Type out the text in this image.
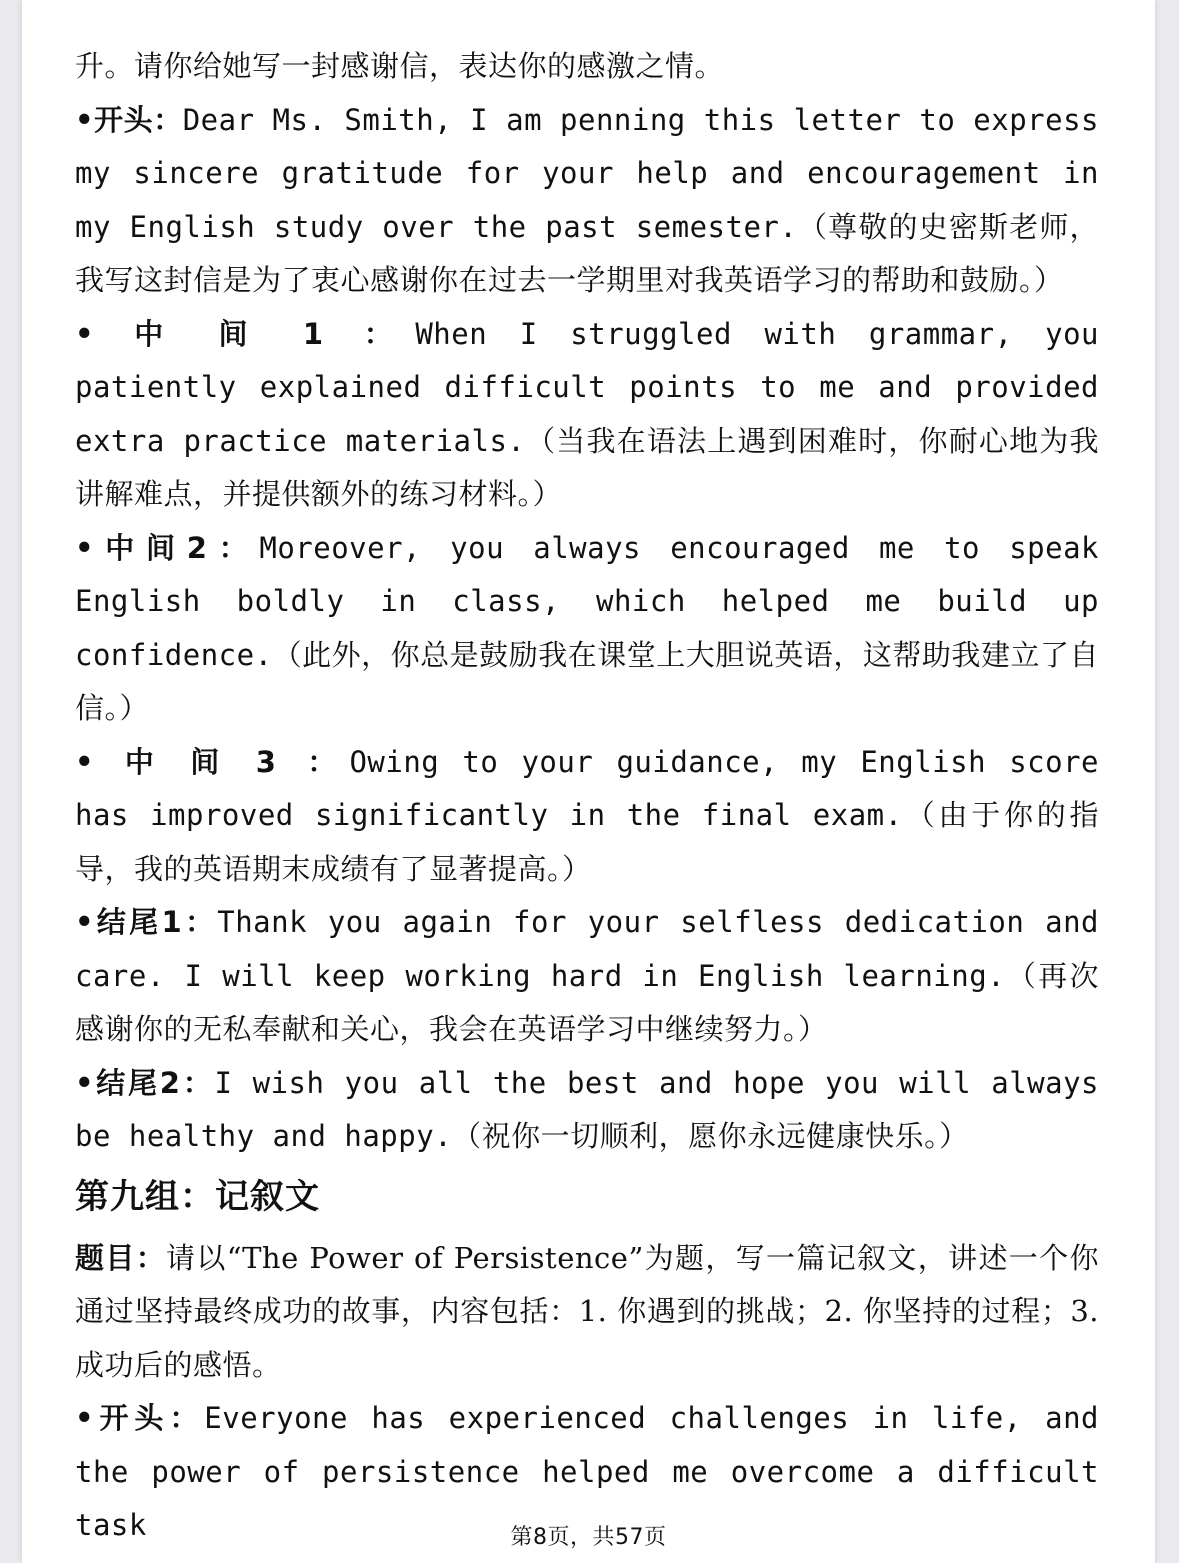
升。请你给她写一封感谢信，表达你的感激之情。

•开头：Dear Ms. Smith, I am penning this letter to express my sincere gratitude for your help and encouragement in my English study over the past semester.（尊敬的史密斯老师，我写这封信是为了衷心感谢你在过去一学期里对我英语学习的帮助和鼓励。）

• 中 间 1 ：When I struggled with grammar, you patiently explained difficult points to me and provided extra practice materials.（当我在语法上遇到困难时，你耐心地为我讲解难点，并提供额外的练习材料。）

•中间2：Moreover, you always encouraged me to speak English boldly in class, which helped me build up confidence.（此外，你总是鼓励我在课堂上大胆说英语，这帮助我建立了自信。）

• 中 间 3 ：Owing to your guidance, my English score has improved significantly in the final exam.（由于你的指导，我的英语期末成绩有了显著提高。）

•结尾1：Thank you again for your selfless dedication and care. I will keep working hard in English learning.（再次感谢你的无私奉献和关心，我会在英语学习中继续努力。）

•结尾2：I wish you all the best and hope you will always be healthy and happy.（祝你一切顺利，愿你永远健康快乐。）

第九组：记叙文

题目：请以“The Power of Persistence”为题，写一篇记叙文，讲述一个你通过坚持最终成功的故事，内容包括：1. 你遇到的挑战；2. 你坚持的过程；3. 成功后的感悟。

•开头：Everyone has experienced challenges in life, and the power of persistence helped me overcome a difficult task	第8页，共57页
